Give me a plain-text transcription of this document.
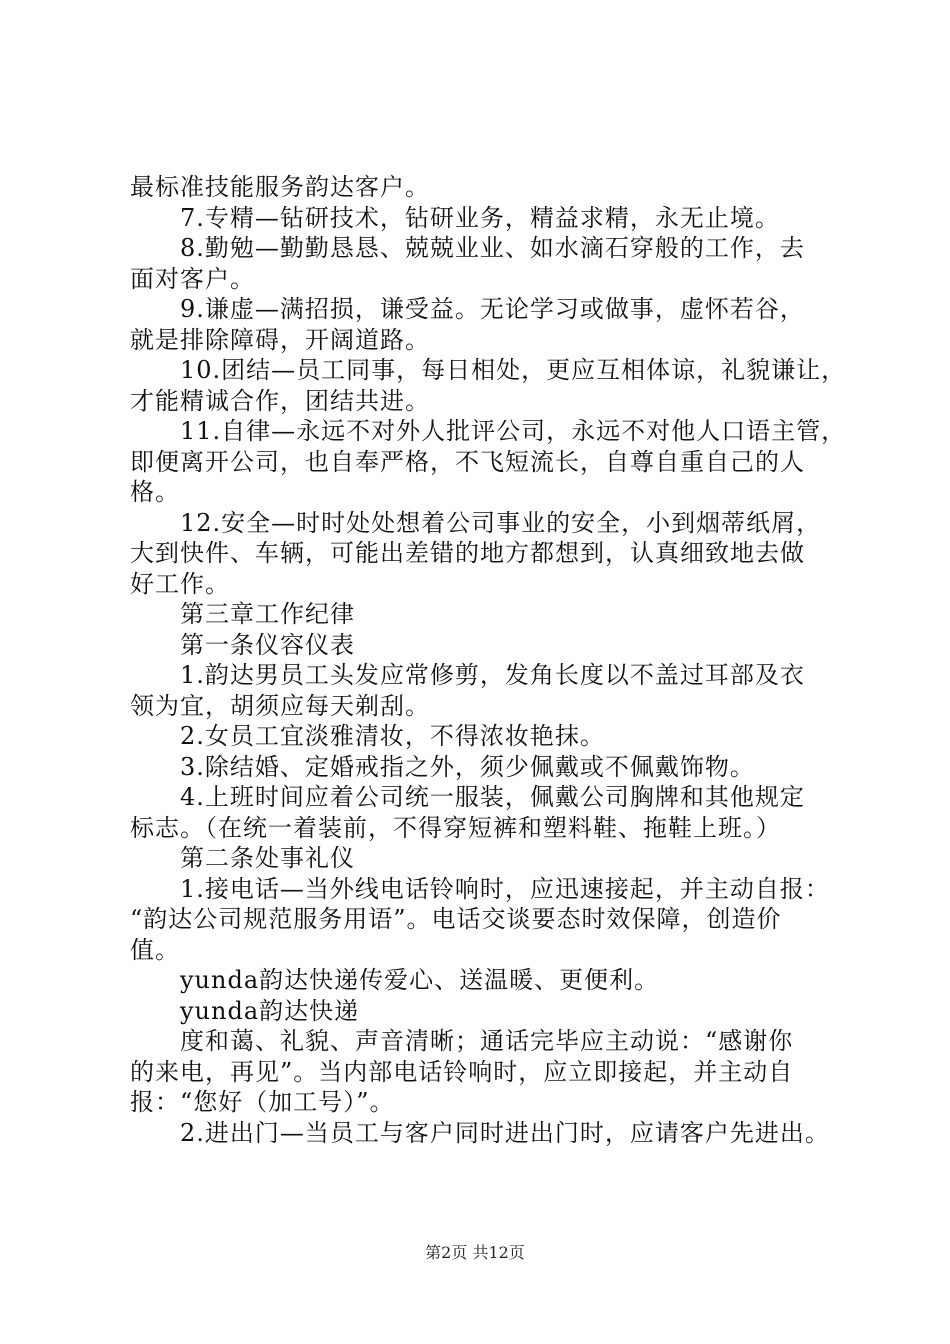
最标准技能服务韵达客户。
7.专精—钻研技术，钻研业务，精益求精，永无止境。
8.勤勉—勤勤恳恳、兢兢业业、如水滴石穿般的工作，去
面对客户。
9.谦虚—满招损，谦受益。无论学习或做事，虚怀若谷，
就是排除障碍，开阔道路。
10.团结—员工同事，每日相处，更应互相体谅，礼貌谦让，
才能精诚合作，团结共进。
11.自律—永远不对外人批评公司，永远不对他人口语主管，
即便离开公司，也自奉严格，不飞短流长，自尊自重自己的人
格。
12.安全—时时处处想着公司事业的安全，小到烟蒂纸屑，
大到快件、车辆，可能出差错的地方都想到，认真细致地去做
好工作。
第三章工作纪律
第一条仪容仪表
1.韵达男员工头发应常修剪，发角长度以不盖过耳部及衣
领为宜，胡须应每天剃刮。
2.女员工宜淡雅清妆，不得浓妆艳抹。
3.除结婚、定婚戒指之外，须少佩戴或不佩戴饰物。
4.上班时间应着公司统一服装，佩戴公司胸牌和其他规定
标志。（在统一着装前，不得穿短裤和塑料鞋、拖鞋上班。）
第二条处事礼仪
1.接电话—当外线电话铃响时，应迅速接起，并主动自报：
“韵达公司规范服务用语”。电话交谈要态时效保障，创造价
值。
yunda韵达快递传爱心、送温暖、更便利。
yunda韵达快递
度和蔼、礼貌、声音清晰；通话完毕应主动说：“感谢你
的来电，再见”。当内部电话铃响时，应立即接起，并主动自
报：“您好（加工号）”。
2.进出门—当员工与客户同时进出门时，应请客户先进出。
第2页 共12页
